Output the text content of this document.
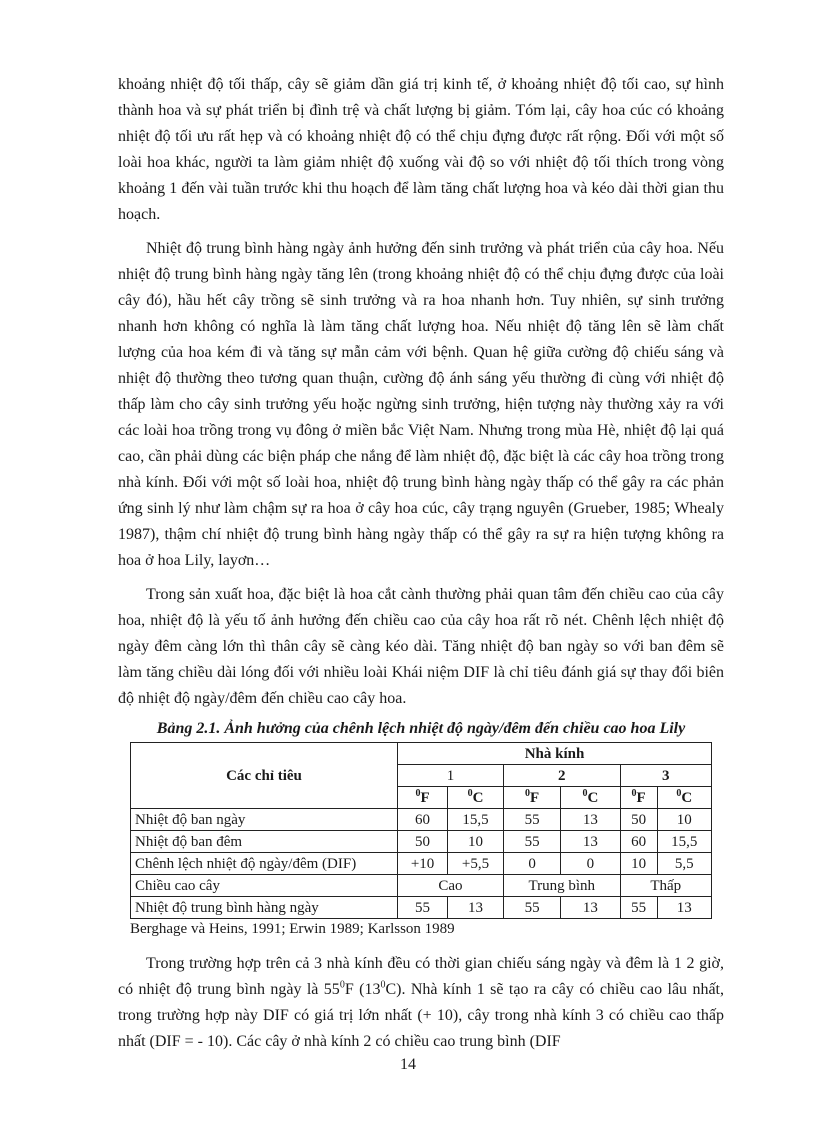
khoảng nhiệt độ tối thấp, cây sẽ giảm dần giá trị kinh tế, ở khoảng nhiệt độ tối cao, sự hình thành hoa và sự phát triển bị đình trệ và chất lượng bị giảm. Tóm lại, cây hoa cúc có khoảng nhiệt độ tối ưu rất hẹp và có khoảng nhiệt độ có thể chịu đựng được rất rộng. Đối với một số loài hoa khác, người ta làm giảm nhiệt độ xuống vài độ so với nhiệt độ tối thích trong vòng khoảng 1 đến vài tuần trước khi thu hoạch để làm tăng chất lượng hoa và kéo dài thời gian thu hoạch.

Nhiệt độ trung bình hàng ngày ảnh hưởng đến sinh trưởng và phát triển của cây hoa. Nếu nhiệt độ trung bình hàng ngày tăng lên (trong khoảng nhiệt độ có thể chịu đựng được của loài cây đó), hầu hết cây trồng sẽ sinh trưởng và ra hoa nhanh hơn. Tuy nhiên, sự sinh trưởng nhanh hơn không có nghĩa là làm tăng chất lượng hoa. Nếu nhiệt độ tăng lên sẽ làm chất lượng của hoa kém đi và tăng sự mẫn cảm với bệnh. Quan hệ giữa cường độ chiếu sáng và nhiệt độ thường theo tương quan thuận, cường độ ánh sáng yếu thường đi cùng với nhiệt độ thấp làm cho cây sinh trưởng yếu hoặc ngừng sinh trưởng, hiện tượng này thường xảy ra với các loài hoa trồng trong vụ đông ở miền bắc Việt Nam. Nhưng trong mùa Hè, nhiệt độ lại quá cao, cần phải dùng các biện pháp che nắng để làm nhiệt độ, đặc biệt là các cây hoa trồng trong nhà kính. Đối với một số loài hoa, nhiệt độ trung bình hàng ngày thấp có thể gây ra các phản ứng sinh lý như làm chậm sự ra hoa ở cây hoa cúc, cây trạng nguyên (Grueber, 1985; Whealy 1987), thậm chí nhiệt độ trung bình hàng ngày thấp có thể gây ra sự ra hiện tượng không ra hoa ở hoa Lily, layơn…

Trong sản xuất hoa, đặc biệt là hoa cắt cành thường phải quan tâm đến chiều cao của cây hoa, nhiệt độ là yếu tố ảnh hưởng đến chiều cao của cây hoa rất rõ nét. Chênh lệch nhiệt độ ngày đêm càng lớn thì thân cây sẽ càng kéo dài. Tăng nhiệt độ ban ngày so với ban đêm sẽ làm tăng chiều dài lóng đối với nhiều loài Khái niệm DIF là chỉ tiêu đánh giá sự thay đổi biên độ nhiệt độ ngày/đêm đến chiều cao cây hoa.

Bảng 2.1. Ảnh hưởng của chênh lệch nhiệt độ ngày/đêm đến chiều cao hoa Lily
Các chỉ tiêu	Nhà kính					
	1		2		3	
	$^0$F	$^0$C	$^0$F	$^0$C	$^0$F	$^0$C
Nhiệt độ ban ngày	60	15,5	55	13	50	10
Nhiệt độ ban đêm	50	10	55	13	60	15,5
Chênh lệch nhiệt độ ngày/đêm (DIF)	+10	+5,5	0	0	10	5,5
Chiều cao cây	Cao		Trung bình		Thấp	
Nhiệt độ trung bình hàng ngày	55	13	55	13	55	13
Berghage và Heins, 1991; Erwin 1989; Karlsson 1989

Trong trường hợp trên cả 3 nhà kính đều có thời gian chiếu sáng ngày và đêm là 1 2 giờ, có nhiệt độ trung bình ngày là $55^0F$ $(13^0C)$. Nhà kính 1 sẽ tạo ra cây có chiều cao lâu nhất, trong trường hợp này DIF có giá trị lớn nhất (+ 10), cây trong nhà kính 3 có chiều cao thấp nhất (DIF = - 10). Các cây ở nhà kính 2 có chiều cao trung bình (DIF

14
